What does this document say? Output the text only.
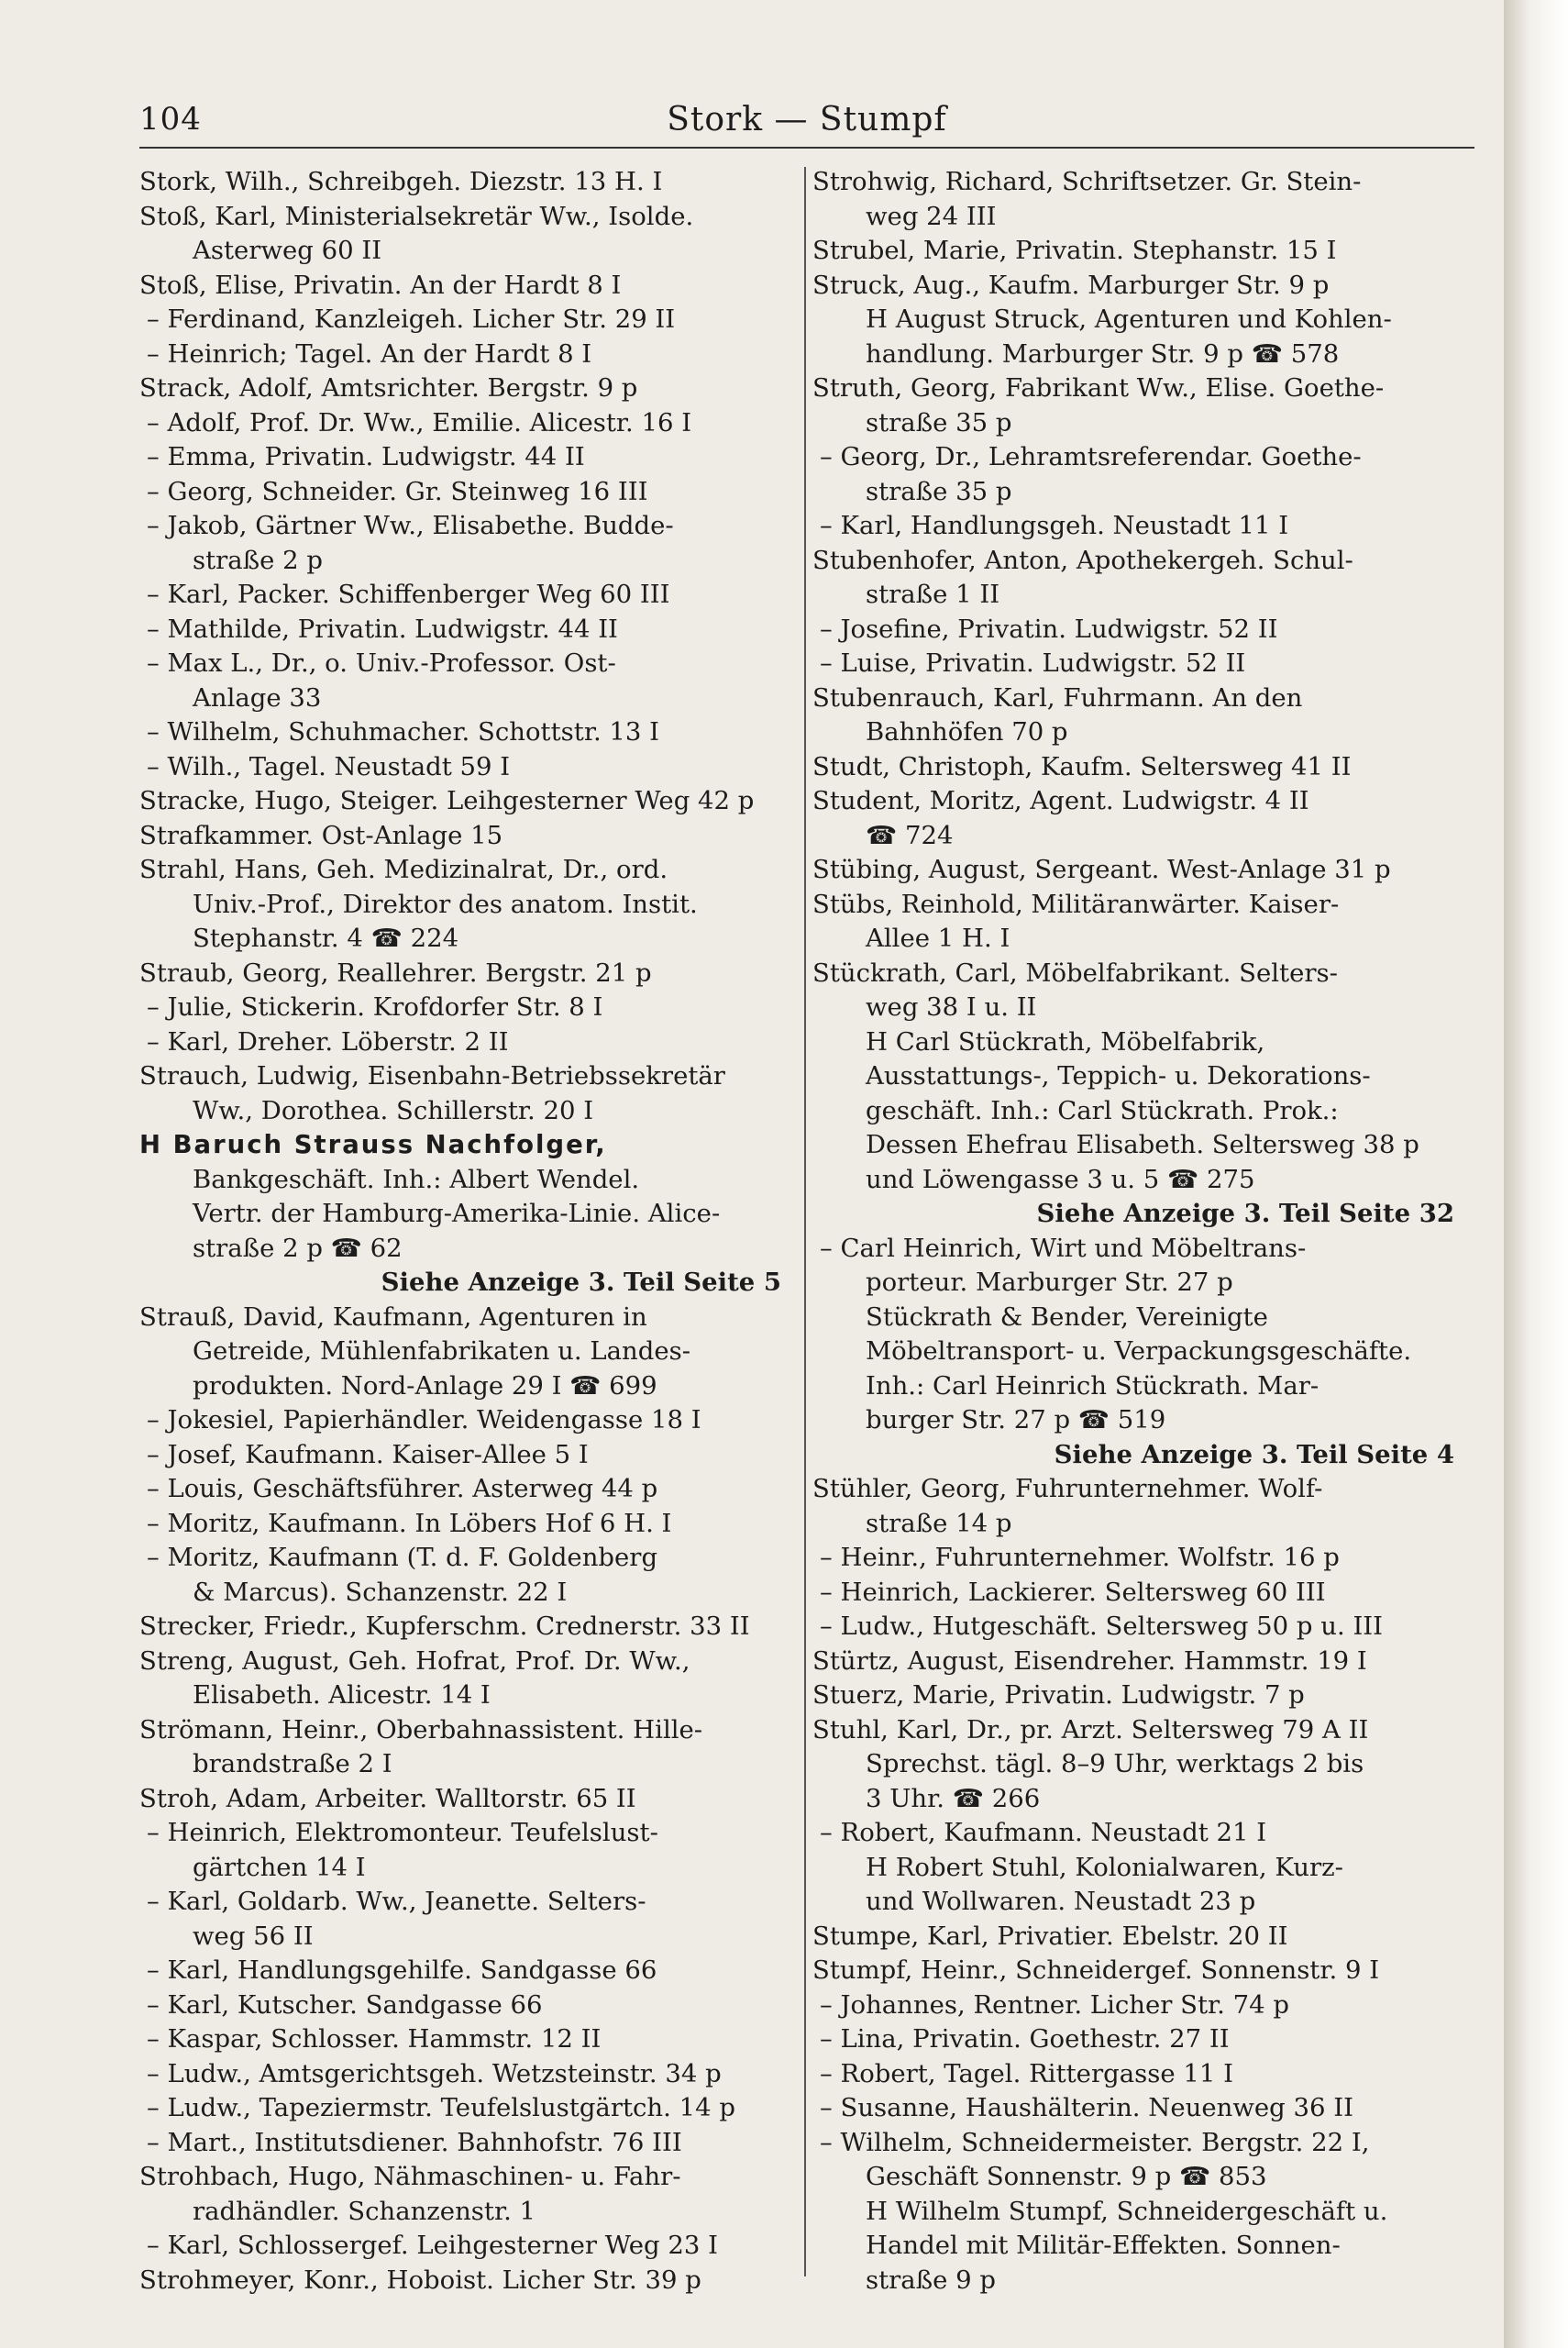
104	Stork — Stumpf
Stork, Wilh., Schreibgeh. Diezstr. 13 H. I
Stoß, Karl, Ministerialsekretär Ww., Isolde.
Asterweg 60 II
Stoß, Elise, Privatin. An der Hardt 8 I
– Ferdinand, Kanzleigeh. Licher Str. 29 II
– Heinrich; Tagel. An der Hardt 8 I
Strack, Adolf, Amtsrichter. Bergstr. 9 p
– Adolf, Prof. Dr. Ww., Emilie. Alicestr. 16 I
– Emma, Privatin. Ludwigstr. 44 II
– Georg, Schneider. Gr. Steinweg 16 III
– Jakob, Gärtner Ww., Elisabethe. Budde-
straße 2 p
– Karl, Packer. Schiffenberger Weg 60 III
– Mathilde, Privatin. Ludwigstr. 44 II
– Max L., Dr., o. Univ.-Professor. Ost-
Anlage 33
– Wilhelm, Schuhmacher. Schottstr. 13 I
– Wilh., Tagel. Neustadt 59 I
Stracke, Hugo, Steiger. Leihgesterner Weg 42 p
Strafkammer. Ost-Anlage 15
Strahl, Hans, Geh. Medizinalrat, Dr., ord.
Univ.-Prof., Direktor des anatom. Instit.
Stephanstr. 4 ☎ 224
Straub, Georg, Reallehrer. Bergstr. 21 p
– Julie, Stickerin. Krofdorfer Str. 8 I
– Karl, Dreher. Löberstr. 2 II
Strauch, Ludwig, Eisenbahn-Betriebssekretär
Ww., Dorothea. Schillerstr. 20 I
H Baruch Strauss Nachfolger,
Bankgeschäft. Inh.: Albert Wendel.
Vertr. der Hamburg-Amerika-Linie. Alice-
straße 2 p ☎ 62
Siehe Anzeige 3. Teil Seite 5
Strauß, David, Kaufmann, Agenturen in
Getreide, Mühlenfabrikaten u. Landes-
produkten. Nord-Anlage 29 I ☎ 699
– Jokesiel, Papierhändler. Weidengasse 18 I
– Josef, Kaufmann. Kaiser-Allee 5 I
– Louis, Geschäftsführer. Asterweg 44 p
– Moritz, Kaufmann. In Löbers Hof 6 H. I
– Moritz, Kaufmann (T. d. F. Goldenberg
& Marcus). Schanzenstr. 22 I
Strecker, Friedr., Kupferschm. Crednerstr. 33 II
Streng, August, Geh. Hofrat, Prof. Dr. Ww.,
Elisabeth. Alicestr. 14 I
Strömann, Heinr., Oberbahnassistent. Hille-
brandstraße 2 I
Stroh, Adam, Arbeiter. Walltorstr. 65 II
– Heinrich, Elektromonteur. Teufelslust-
gärtchen 14 I
– Karl, Goldarb. Ww., Jeanette. Selters-
weg 56 II
– Karl, Handlungsgehilfe. Sandgasse 66
– Karl, Kutscher. Sandgasse 66
– Kaspar, Schlosser. Hammstr. 12 II
– Ludw., Amtsgerichtsgeh. Wetzsteinstr. 34 p
– Ludw., Tapeziermstr. Teufelslustgärtch. 14 p
– Mart., Institutsdiener. Bahnhofstr. 76 III
Strohbach, Hugo, Nähmaschinen- u. Fahr-
radhändler. Schanzenstr. 1
– Karl, Schlossergef. Leihgesterner Weg 23 I
Strohmeyer, Konr., Hoboist. Licher Str. 39 p
Strohwig, Richard, Schriftsetzer. Gr. Stein-
weg 24 III
Strubel, Marie, Privatin. Stephanstr. 15 I
Struck, Aug., Kaufm. Marburger Str. 9 p
H August Struck, Agenturen und Kohlen-
handlung. Marburger Str. 9 p ☎ 578
Struth, Georg, Fabrikant Ww., Elise. Goethe-
straße 35 p
– Georg, Dr., Lehramtsreferendar. Goethe-
straße 35 p
– Karl, Handlungsgeh. Neustadt 11 I
Stubenhofer, Anton, Apothekergeh. Schul-
straße 1 II
– Josefine, Privatin. Ludwigstr. 52 II
– Luise, Privatin. Ludwigstr. 52 II
Stubenrauch, Karl, Fuhrmann. An den
Bahnhöfen 70 p
Studt, Christoph, Kaufm. Seltersweg 41 II
Student, Moritz, Agent. Ludwigstr. 4 II
☎ 724
Stübing, August, Sergeant. West-Anlage 31 p
Stübs, Reinhold, Militäranwärter. Kaiser-
Allee 1 H. I
Stückrath, Carl, Möbelfabrikant. Selters-
weg 38 I u. II
H Carl Stückrath, Möbelfabrik,
Ausstattungs-, Teppich- u. Dekorations-
geschäft. Inh.: Carl Stückrath. Prok.:
Dessen Ehefrau Elisabeth. Seltersweg 38 p
und Löwengasse 3 u. 5 ☎ 275
Siehe Anzeige 3. Teil Seite 32
– Carl Heinrich, Wirt und Möbeltrans-
porteur. Marburger Str. 27 p
Stückrath & Bender, Vereinigte
Möbeltransport- u. Verpackungsgeschäfte.
Inh.: Carl Heinrich Stückrath. Mar-
burger Str. 27 p ☎ 519
Siehe Anzeige 3. Teil Seite 4
Stühler, Georg, Fuhrunternehmer. Wolf-
straße 14 p
– Heinr., Fuhrunternehmer. Wolfstr. 16 p
– Heinrich, Lackierer. Seltersweg 60 III
– Ludw., Hutgeschäft. Seltersweg 50 p u. III
Stürtz, August, Eisendreher. Hammstr. 19 I
Stuerz, Marie, Privatin. Ludwigstr. 7 p
Stuhl, Karl, Dr., pr. Arzt. Seltersweg 79 A II
Sprechst. tägl. 8–9 Uhr, werktags 2 bis
3 Uhr. ☎ 266
– Robert, Kaufmann. Neustadt 21 I
H Robert Stuhl, Kolonialwaren, Kurz-
und Wollwaren. Neustadt 23 p
Stumpe, Karl, Privatier. Ebelstr. 20 II
Stumpf, Heinr., Schneidergef. Sonnenstr. 9 I
– Johannes, Rentner. Licher Str. 74 p
– Lina, Privatin. Goethestr. 27 II
– Robert, Tagel. Rittergasse 11 I
– Susanne, Haushälterin. Neuenweg 36 II
– Wilhelm, Schneidermeister. Bergstr. 22 I,
Geschäft Sonnenstr. 9 p ☎ 853
H Wilhelm Stumpf, Schneidergeschäft u.
Handel mit Militär-Effekten. Sonnen-
straße 9 p
